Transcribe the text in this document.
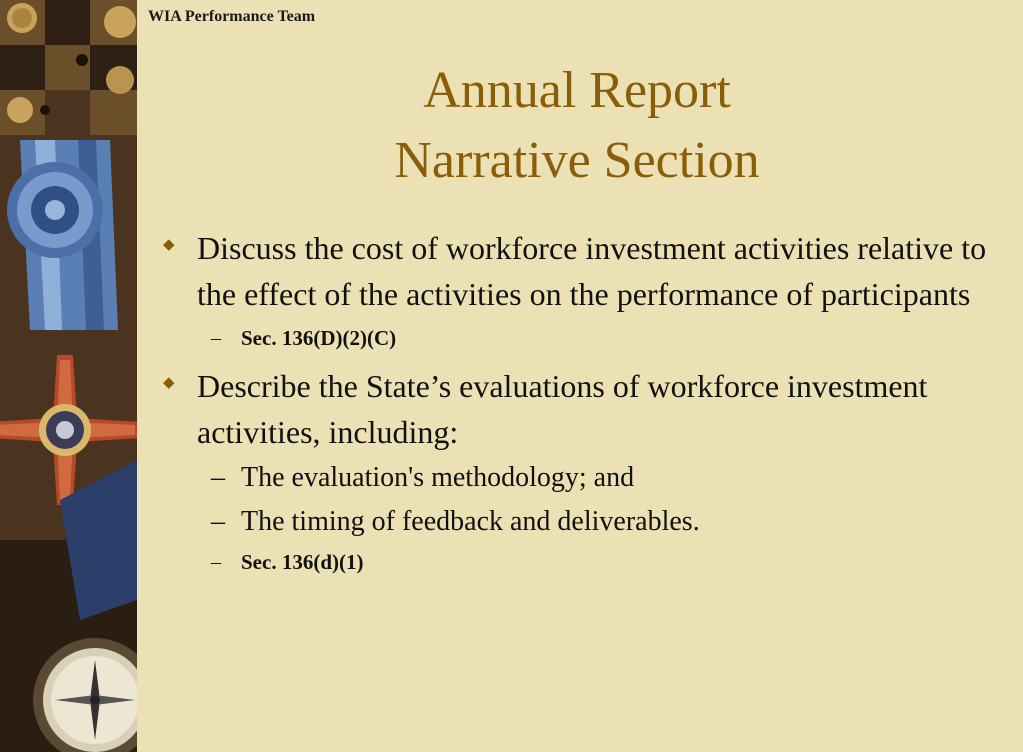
WIA Performance Team
Annual Report
Narrative Section
◆ Discuss the cost of workforce investment activities relative to the effect of the activities on the performance of participants
– Sec. 136(D)(2)(C)
◆ Describe the State’s evaluations of workforce investment activities, including:
– The evaluation's methodology; and
– The timing of feedback and deliverables.
– Sec. 136(d)(1)
